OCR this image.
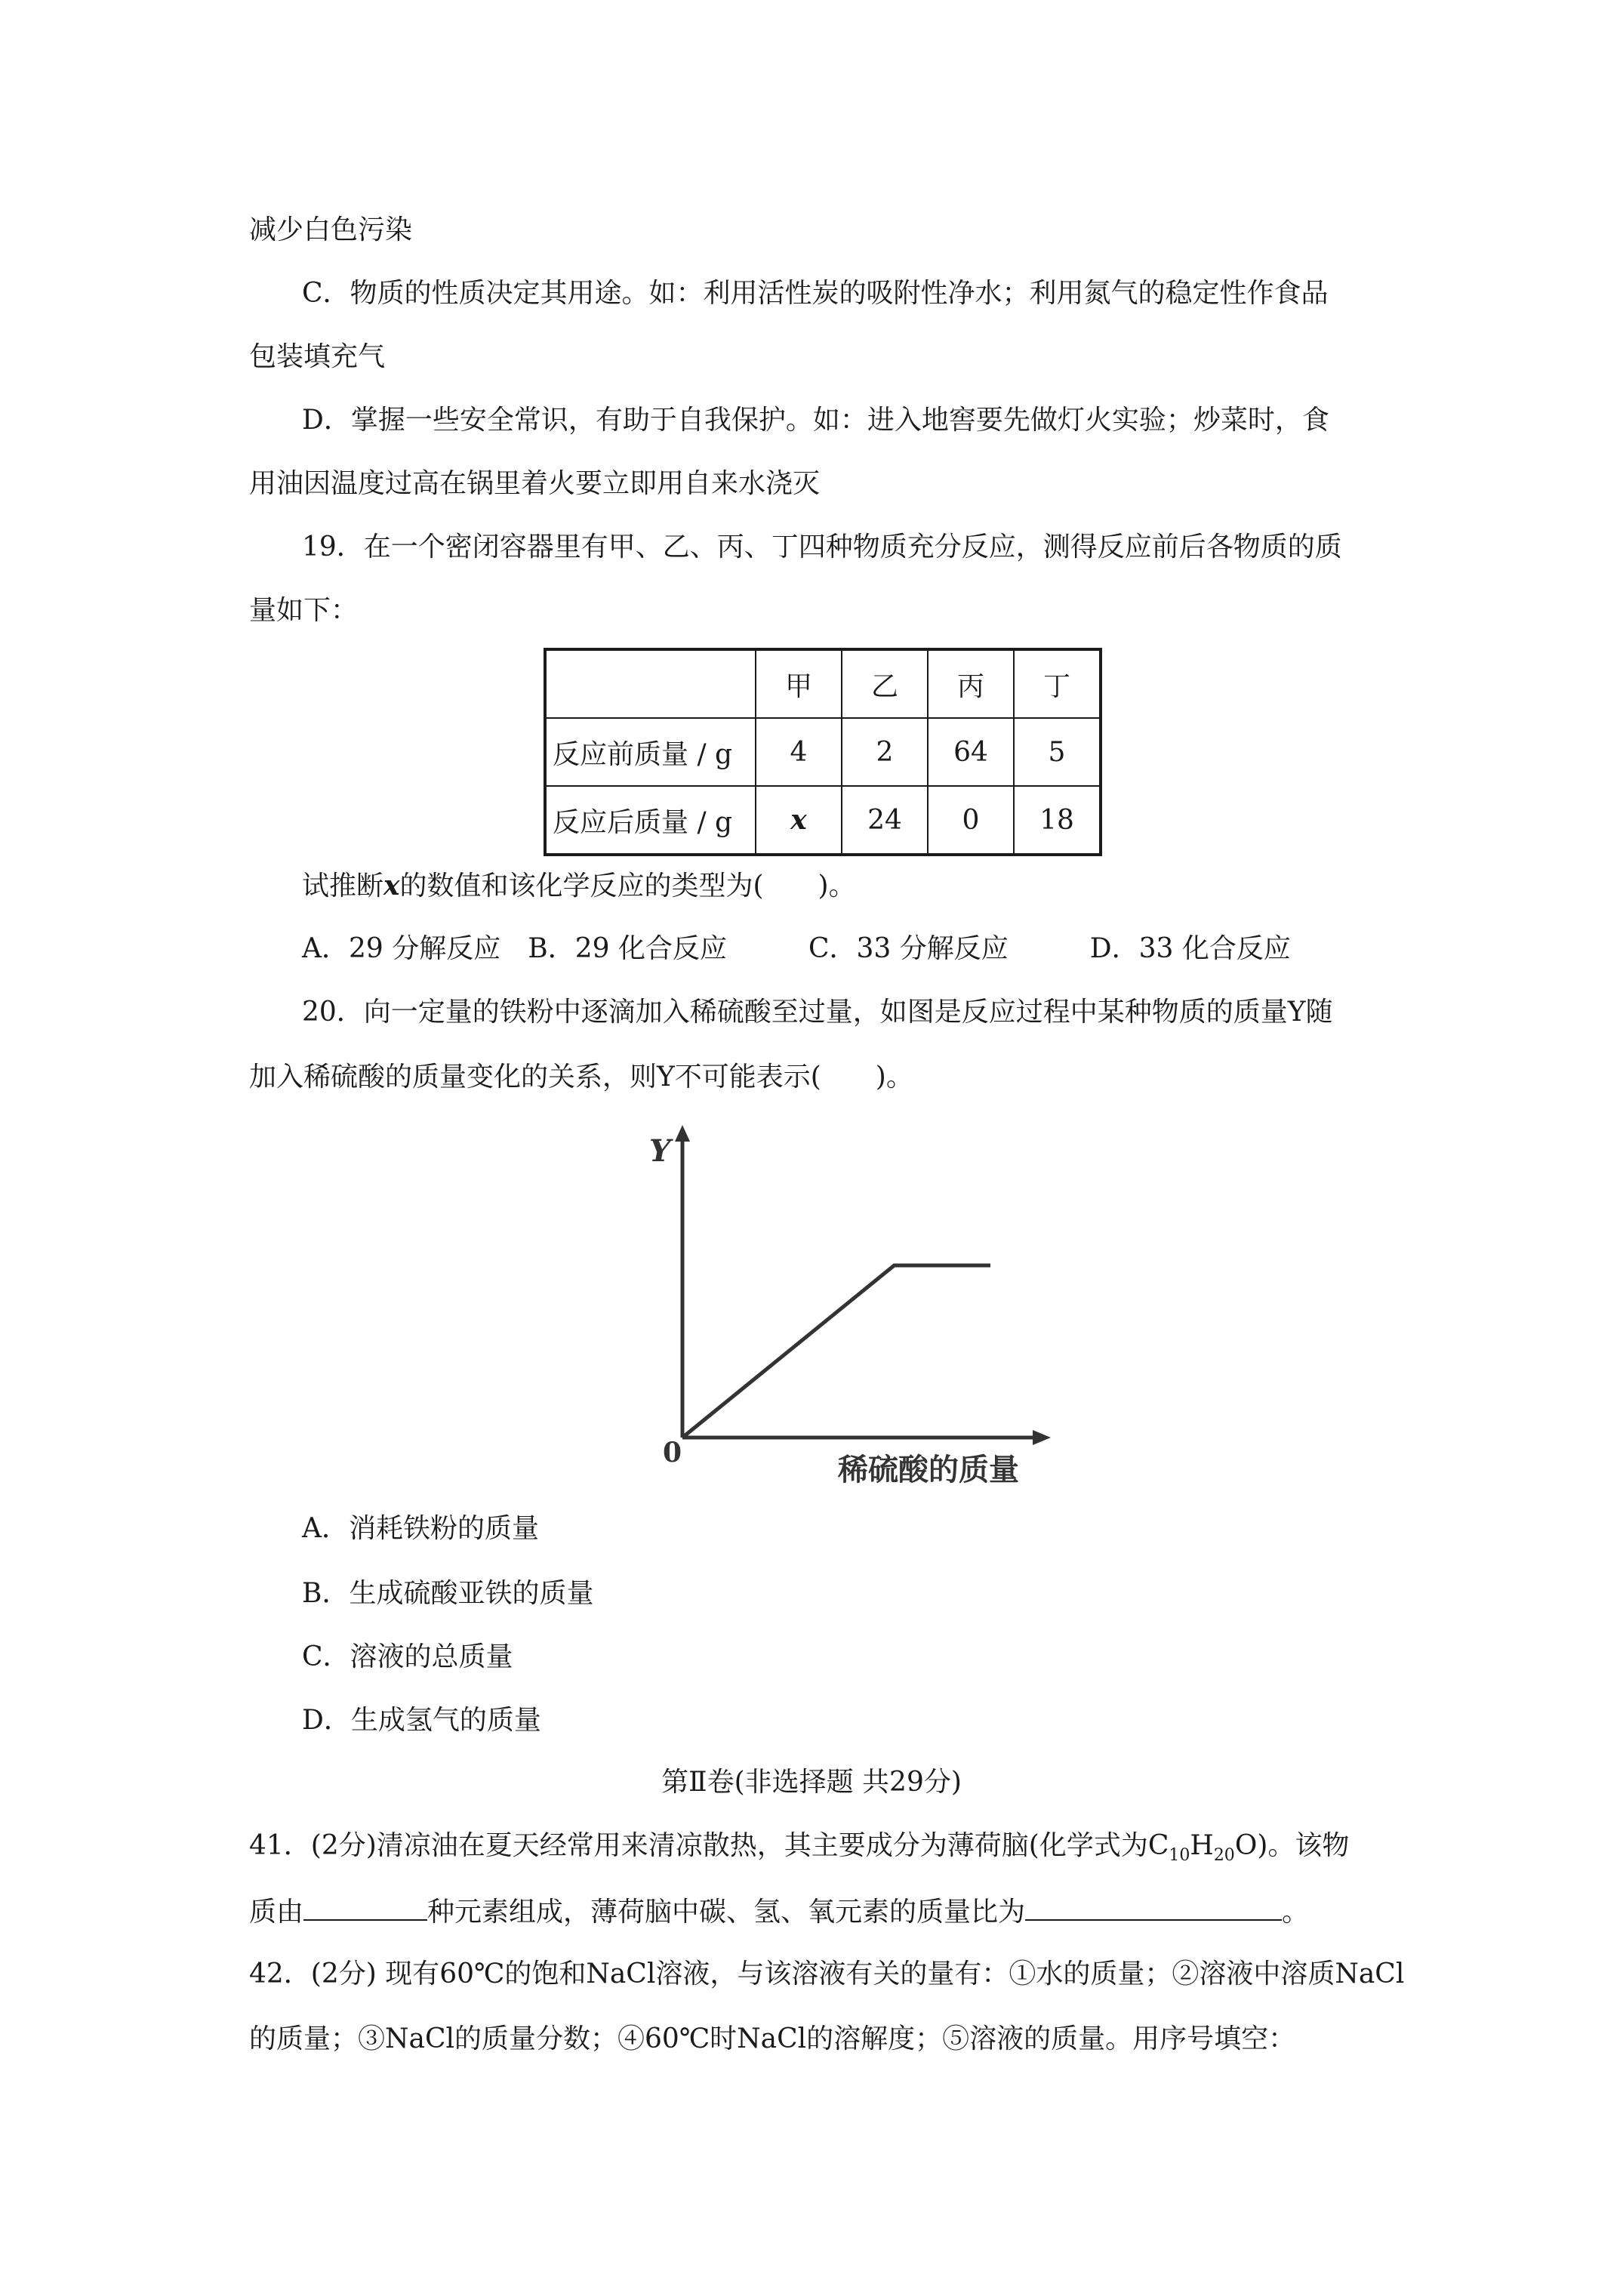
减少白色污染
C．物质的性质决定其用途。如：利用活性炭的吸附性净水；利用氮气的稳定性作食品
包装填充气
D．掌握一些安全常识，有助于自我保护。如：进入地窖要先做灯火实验；炒菜时，食
用油因温度过高在锅里着火要立即用自来水浇灭
19．在一个密闭容器里有甲、乙、丙、丁四种物质充分反应，测得反应前后各物质的质
量如下：
	甲	乙	丙	丁
反应前质量 / g	4	2	64	5
反应后质量 / g	x	24	0	18
试推断x的数值和该化学反应的类型为(　　)。
A．29 分解反应　B．29 化合反应　　　C．33 分解反应　　　D．33 化合反应
20．向一定量的铁粉中逐滴加入稀硫酸至过量，如图是反应过程中某种物质的质量Y随
加入稀硫酸的质量变化的关系，则Y不可能表示(　　)。
Y
0	稀硫酸的质量
A．消耗铁粉的质量
B．生成硫酸亚铁的质量
C．溶液的总质量
D．生成氢气的质量
第Ⅱ卷(非选择题 共29分)
41．(2分)清凉油在夏天经常用来清凉散热，其主要成分为薄荷脑(化学式为$C_{10}H_{20}O$)。该物
质由	种元素组成，薄荷脑中碳、氢、氧元素的质量比为	。
42．(2分) 现有60℃的饱和NaCl溶液，与该溶液有关的量有：①水的质量；②溶液中溶质NaCl
的质量；③NaCl的质量分数；④60℃时NaCl的溶解度；⑤溶液的质量。用序号填空：
